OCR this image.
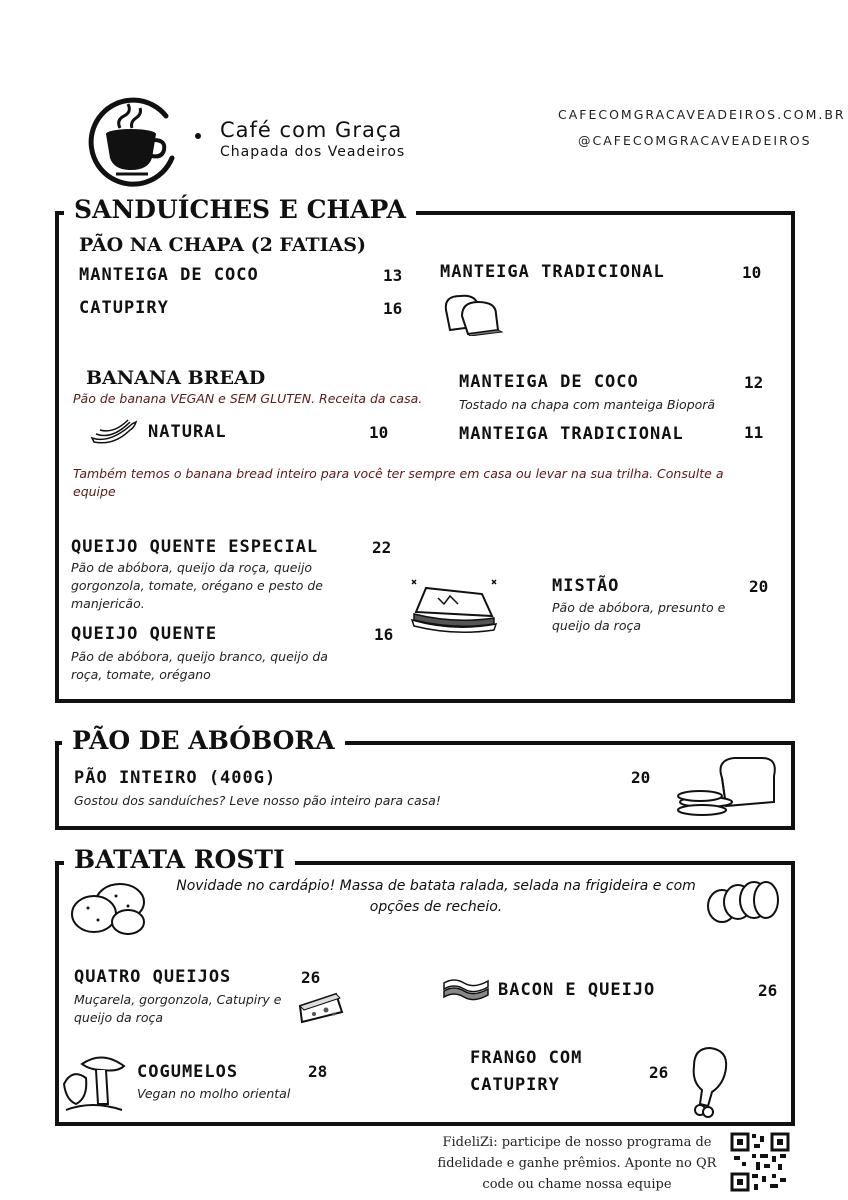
Café com Graça
Chapada dos Veadeiros
CAFECOMGRACAVEADEIROS.COM.BR
@CAFECOMGRACAVEADEIROS
SANDUÍCHES E CHAPA
PÃO NA CHAPA (2 FATIAS)
MANTEIGA DE COCO	13
CATUPIRY	16
MANTEIGA TRADICIONAL	10
BANANA BREAD
Pão de banana VEGAN e SEM GLUTEN. Receita da casa.
NATURAL	10
MANTEIGA DE COCO	12
Tostado na chapa com manteiga Bioporã
MANTEIGA TRADICIONAL	11
Também temos o banana bread inteiro para você ter sempre em casa ou levar na sua trilha. Consulte a equipe
QUEIJO QUENTE ESPECIAL	22
Pão de abóbora, queijo da roça, queijo gorgonzola, tomate, orégano e pesto de manjericão.
QUEIJO QUENTE	16
Pão de abóbora, queijo branco, queijo da roça, tomate, orégano
MISTÃO	20
Pão de abóbora, presunto e queijo da roça
PÃO DE ABÓBORA
PÃO INTEIRO (400G)	20
Gostou dos sanduíches? Leve nosso pão inteiro para casa!
BATATA ROSTI
Novidade no cardápio! Massa de batata ralada, selada na frigideira e com opções de recheio.
QUATRO QUEIJOS	26
Muçarela, gorgonzola, Catupiry e queijo da roça
BACON E QUEIJO	26
COGUMELOS	28
Vegan no molho oriental
FRANGO COM
CATUPIRY
26
FideliZi: participe de nosso programa de fidelidade e ganhe prêmios. Aponte no QR code ou chame nossa equipe
